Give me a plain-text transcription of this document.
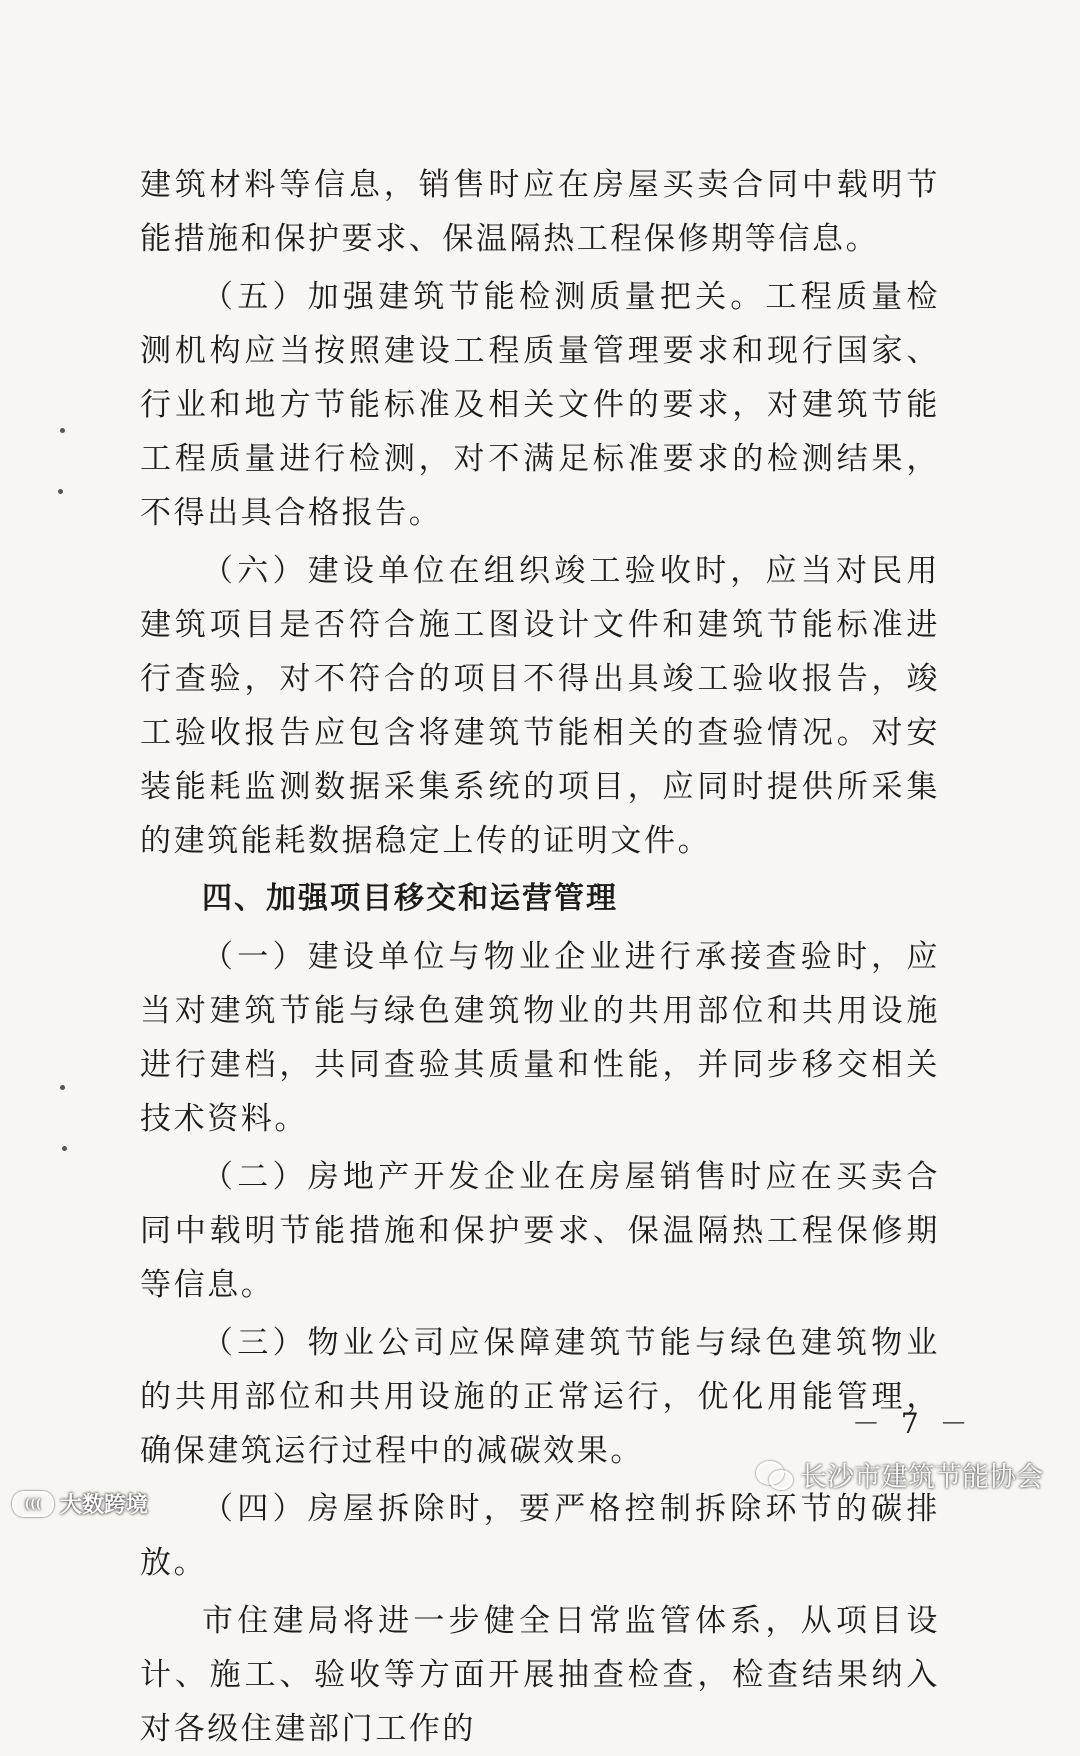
建筑材料等信息，销售时应在房屋买卖合同中载明节能措施和保护要求、保温隔热工程保修期等信息。

（五）加强建筑节能检测质量把关。工程质量检测机构应当按照建设工程质量管理要求和现行国家、行业和地方节能标准及相关文件的要求，对建筑节能工程质量进行检测，对不满足标准要求的检测结果，不得出具合格报告。

（六）建设单位在组织竣工验收时，应当对民用建筑项目是否符合施工图设计文件和建筑节能标准进行查验，对不符合的项目不得出具竣工验收报告，竣工验收报告应包含将建筑节能相关的查验情况。对安装能耗监测数据采集系统的项目，应同时提供所采集的建筑能耗数据稳定上传的证明文件。

四、加强项目移交和运营管理

（一）建设单位与物业企业进行承接查验时，应当对建筑节能与绿色建筑物业的共用部位和共用设施进行建档，共同查验其质量和性能，并同步移交相关技术资料。

（二）房地产开发企业在房屋销售时应在买卖合同中载明节能措施和保护要求、保温隔热工程保修期等信息。

（三）物业公司应保障建筑节能与绿色建筑物业的共用部位和共用设施的正常运行，优化用能管理，确保建筑运行过程中的减碳效果。

（四）房屋拆除时，要严格控制拆除环节的碳排放。

市住建局将进一步健全日常监管体系，从项目设计、施工、验收等方面开展抽查检查，检查结果纳入对各级住建部门工作的

－ 7 －
长沙市建筑节能协会
((( 大数跨境
